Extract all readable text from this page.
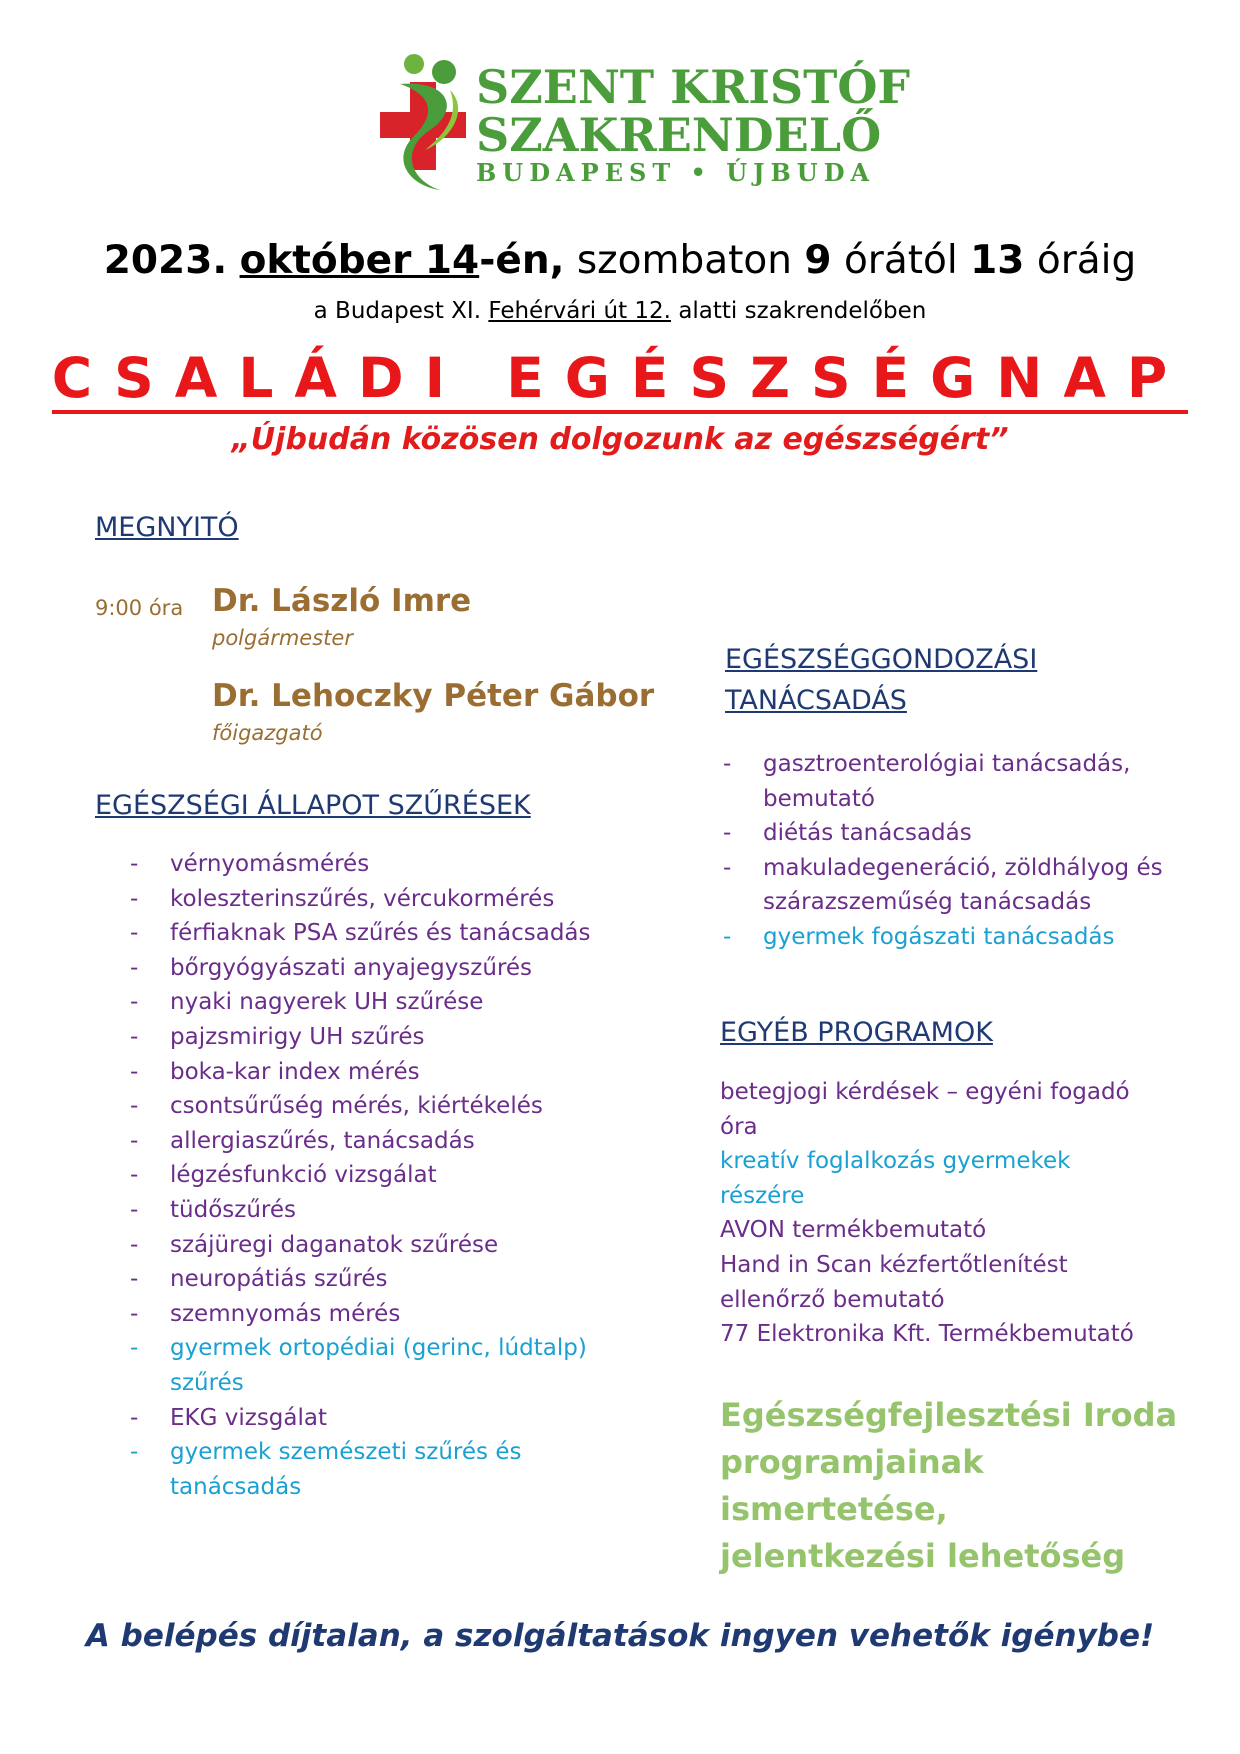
SZENT KRISTÓF
SZAKRENDELŐ
BUDAPEST • ÚJBUDA
2023. október 14-én, szombaton 9 órától 13 óráig
a Budapest XI. Fehérvári út 12. alatti szakrendelőben
CSALÁDI EGÉSZSÉGNAP
„Újbudán közösen dolgozunk az egészségért”
MEGNYITÓ
9:00 óra Dr. László Imre
polgármester
Dr. Lehoczky Péter Gábor
főigazgató
EGÉSZSÉGI ÁLLAPOT SZŰRÉSEK
- vérnyomásmérés
- koleszterinszűrés, vércukormérés
- férfiaknak PSA szűrés és tanácsadás
- bőrgyógyászati anyajegyszűrés
- nyaki nagyerek UH szűrése
- pajzsmirigy UH szűrés
- boka-kar index mérés
- csontsűrűség mérés, kiértékelés
- allergiaszűrés, tanácsadás
- légzésfunkció vizsgálat
- tüdőszűrés
- szájüregi daganatok szűrése
- neuropátiás szűrés
- szemnyomás mérés
- gyermek ortopédiai (gerinc, lúdtalp)
szűrés
- EKG vizsgálat
- gyermek szemészeti szűrés és
tanácsadás
EGÉSZSÉGGONDOZÁSI
TANÁCSADÁS
- gasztroenterológiai tanácsadás,
bemutató
- diétás tanácsadás
- makuladegeneráció, zöldhályog és
szárazszeműség tanácsadás
- gyermek fogászati tanácsadás
EGYÉB PROGRAMOK
betegjogi kérdések – egyéni fogadó
óra
kreatív foglalkozás gyermekek
részére
AVON termékbemutató
Hand in Scan kézfertőtlenítést
ellenőrző bemutató
77 Elektronika Kft. Termékbemutató
Egészségfejlesztési Iroda
programjainak ismertetése,
jelentkezési lehetőség
A belépés díjtalan, a szolgáltatások ingyen vehetők igénybe!
